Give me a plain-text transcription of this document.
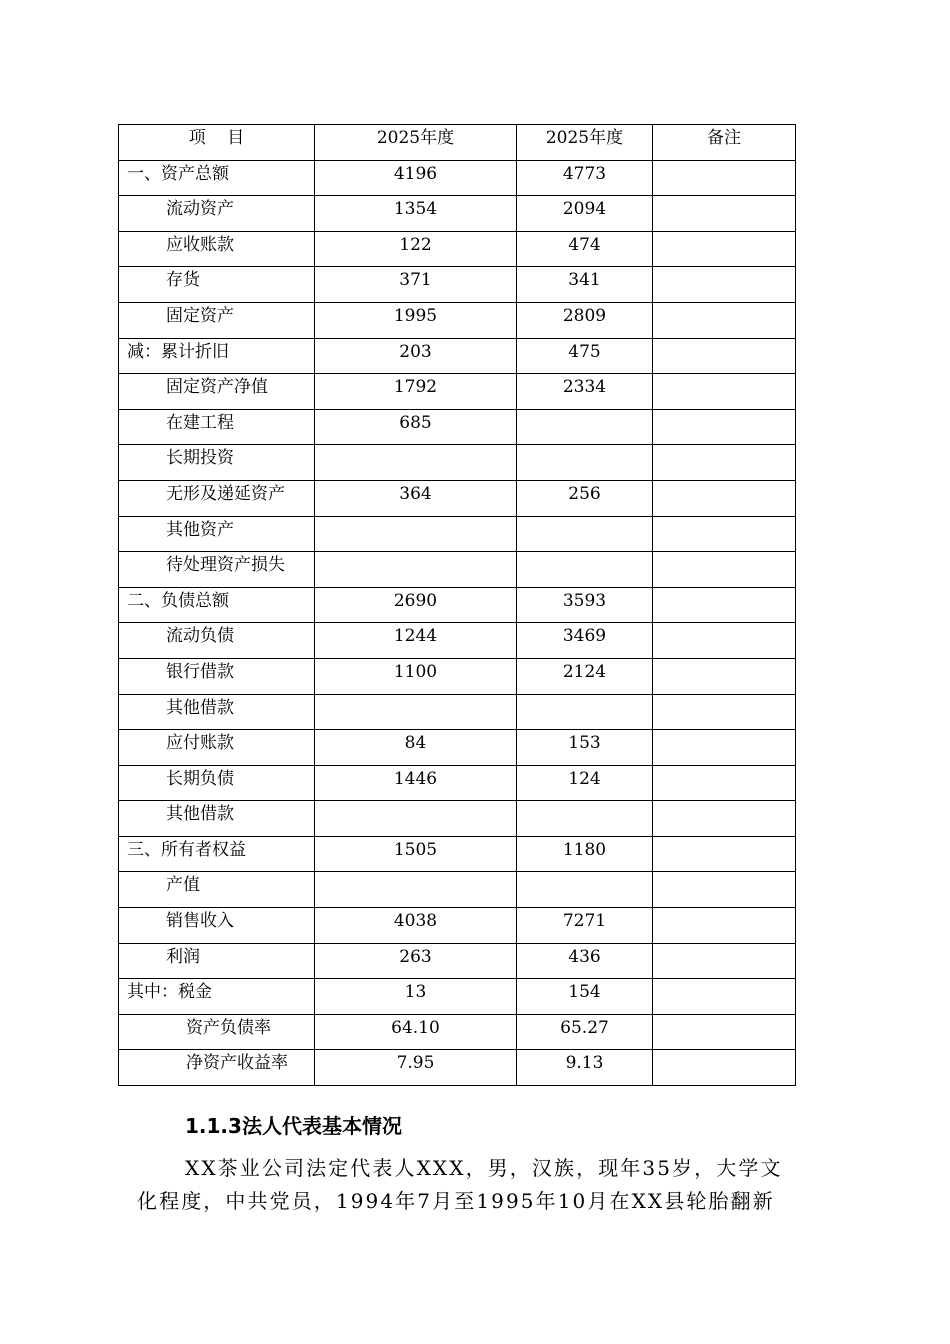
项    目	2025年度	2025年度	备注
一、资产总额	4196	4773	
流动资产	1354	2094	
应收账款	122	474	
存货	371	341	
固定资产	1995	2809	
减：累计折旧	203	475	
固定资产净值	1792	2334	
在建工程	685		
长期投资			
无形及递延资产	364	256	
其他资产			
待处理资产损失			
二、负债总额	2690	3593	
流动负债	1244	3469	
银行借款	1100	2124	
其他借款			
应付账款	84	153	
长期负债	1446	124	
其他借款			
三、所有者权益	1505	1180	
产值			
销售收入	4038	7271	
利润	263	436	
其中：税金	13	154	
资产负债率	64.10	65.27	
净资产收益率	7.95	9.13	
1.1.3法人代表基本情况

XX茶业公司法定代表人XXX，男，汉族，现年35岁，大学文

化程度，中共党员，1994年7月至1995年10月在XX县轮胎翻新
